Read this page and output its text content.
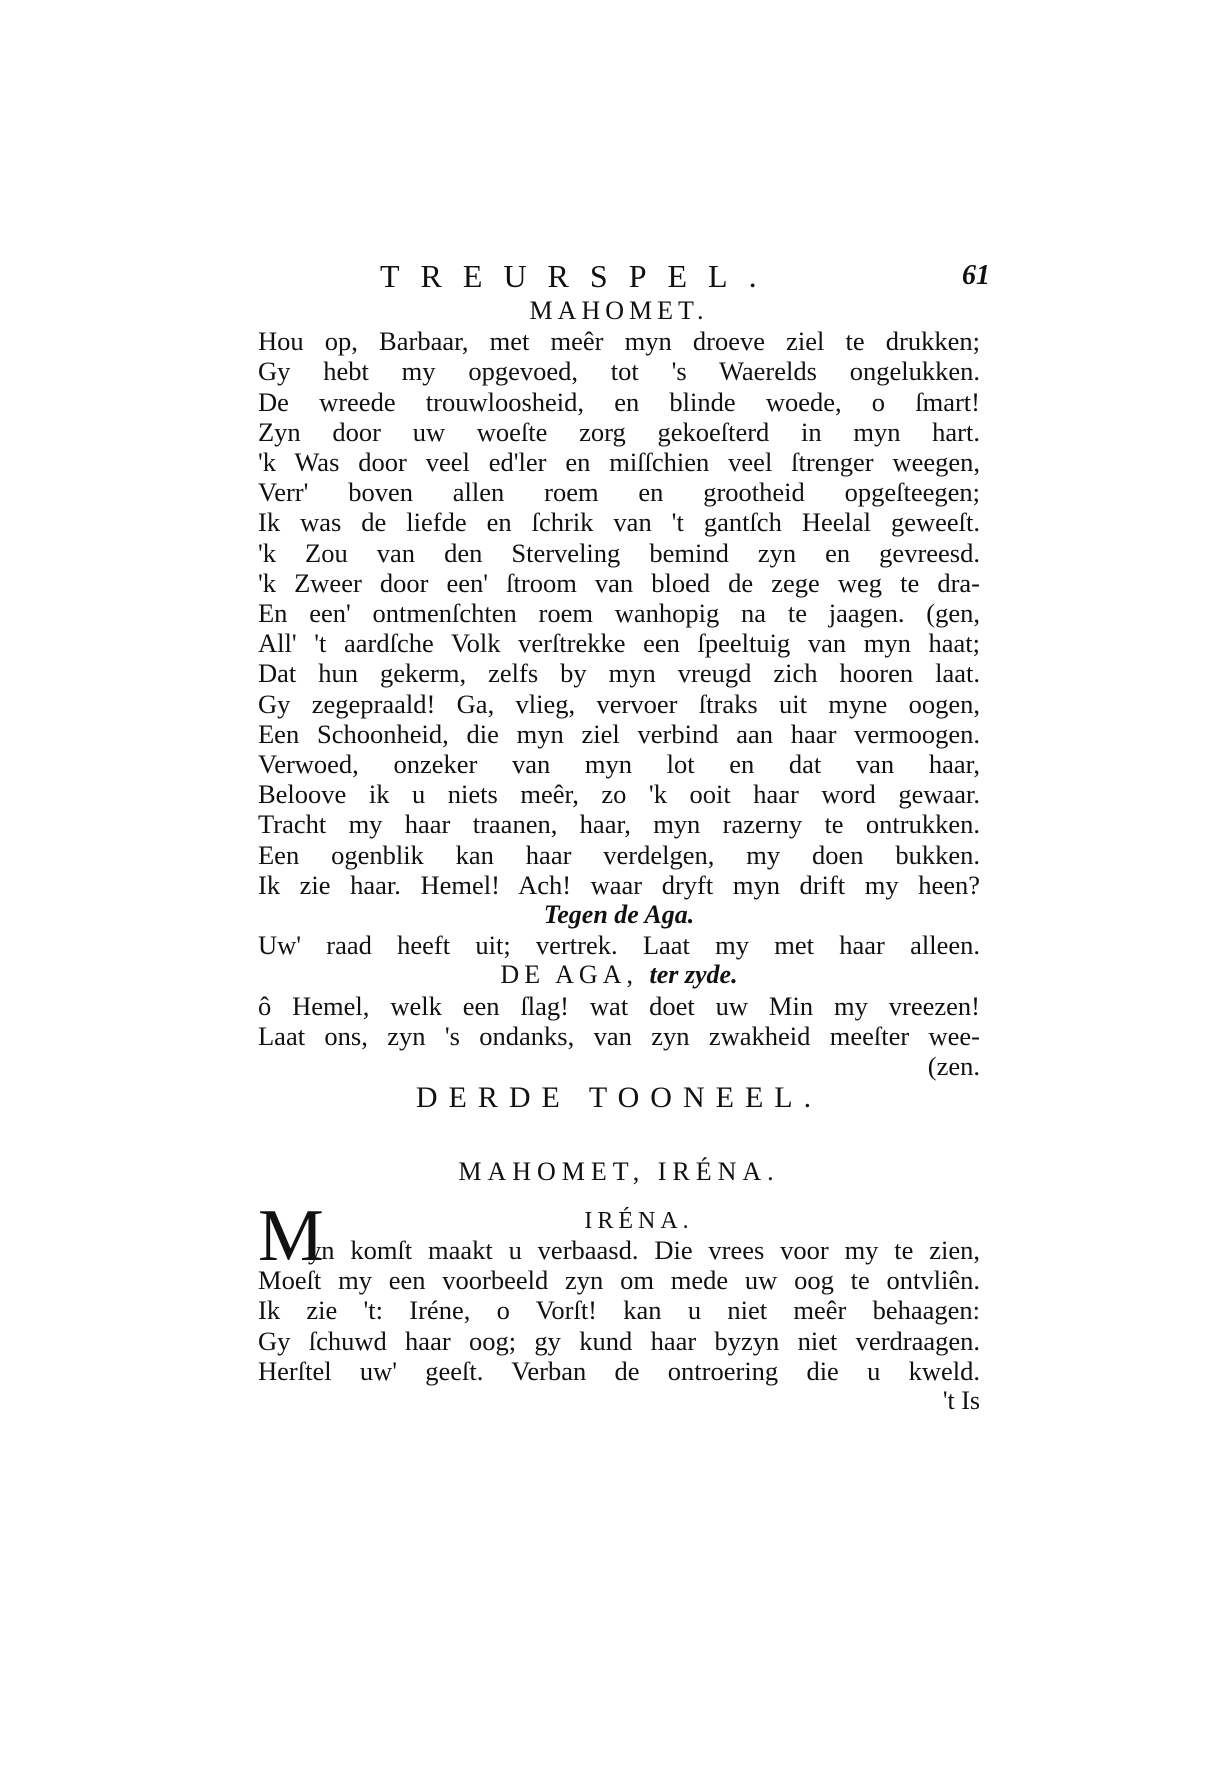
TREURSPEL.	61
MAHOMET.
Hou op, Barbaar, met meêr myn droeve ziel te drukken;
Gy hebt my opgevoed, tot 's Waerelds ongelukken.
De wreede trouwloosheid, en blinde woede, o ſmart!
Zyn door uw woeſte zorg gekoeſterd in myn hart.
'k Was door veel ed'ler en miſſchien veel ſtrenger weegen,
Verr' boven allen roem en grootheid opgeſteegen;
Ik was de liefde en ſchrik van 't gantſch Heelal geweeſt.
'k Zou van den Sterveling bemind zyn en gevreesd.
'k Zweer door een' ſtroom van bloed de zege weg te dra-
En een' ontmenſchten roem wanhopig na te jaagen. (gen,
All' 't aardſche Volk verſtrekke een ſpeeltuig van myn haat;
Dat hun gekerm, zelfs by myn vreugd zich hooren laat.
Gy zegepraald! Ga, vlieg, vervoer ſtraks uit myne oogen,
Een Schoonheid, die myn ziel verbind aan haar vermoogen.
Verwoed, onzeker van myn lot en dat van haar,
Beloove ik u niets meêr, zo 'k ooit haar word gewaar.
Tracht my haar traanen, haar, myn razerny te ontrukken.
Een ogenblik kan haar verdelgen, my doen bukken.
Ik zie haar. Hemel! Ach! waar dryft myn drift my heen?
Tegen de Aga.
Uw' raad heeft uit; vertrek. Laat my met haar alleen.
DE AGA, ter zyde.
ô Hemel, welk een ſlag! wat doet uw Min my vreezen!
Laat ons, zyn 's ondanks, van zyn zwakheid meeſter wee-
(zen.
DERDE TOONEEL.
MAHOMET, IRÉNA.
IRÉNA.
M
yn komſt maakt u verbaasd. Die vrees voor my te zien,
Moeſt my een voorbeeld zyn om mede uw oog te ontvliên.
Ik zie 't: Iréne, o Vorſt! kan u niet meêr behaagen:
Gy ſchuwd haar oog; gy kund haar byzyn niet verdraagen.
Herſtel uw' geeſt. Verban de ontroering die u kweld.
't Is
